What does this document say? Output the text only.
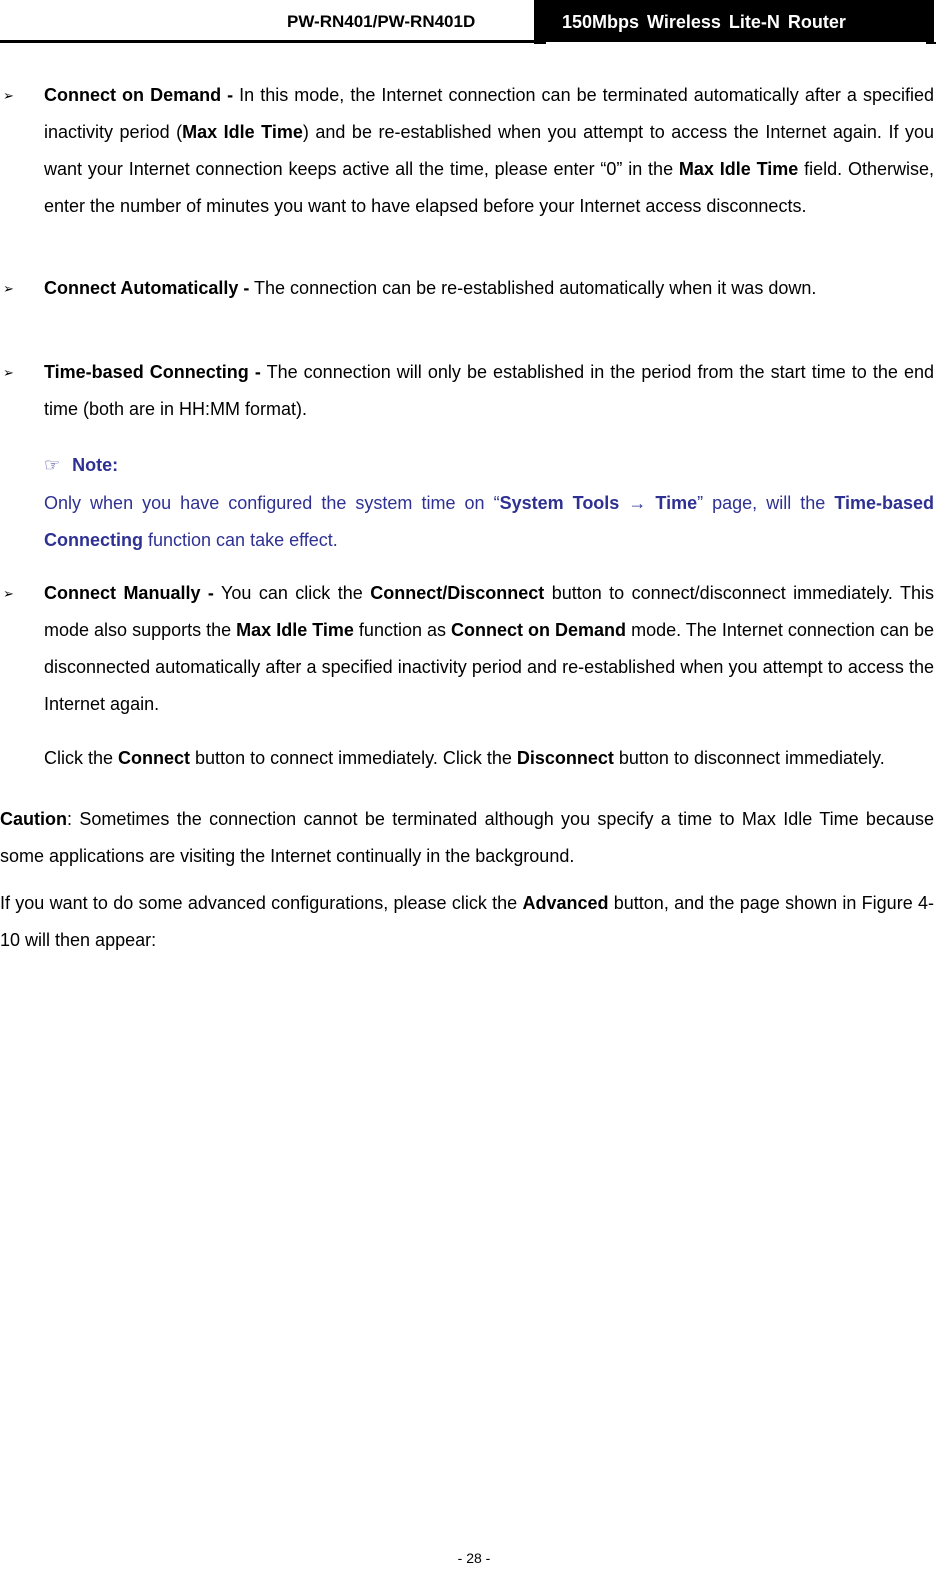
PW-RN401/PW-RN401D	150Mbps Wireless Lite-N Router
➢ Connect on Demand - In this mode, the Internet connection can be terminated automatically after a specified inactivity period (Max Idle Time) and be re-established when you attempt to access the Internet again. If you want your Internet connection keeps active all the time, please enter “0” in the Max Idle Time field. Otherwise, enter the number of minutes you want to have elapsed before your Internet access disconnects.
➢ Connect Automatically - The connection can be re-established automatically when it was down.
➢ Time-based Connecting - The connection will only be established in the period from the start time to the end time (both are in HH:MM format).
☞ Note:
Only when you have configured the system time on “System Tools → Time” page, will the Time-based Connecting function can take effect.
➢ Connect Manually - You can click the Connect/Disconnect button to connect/disconnect immediately. This mode also supports the Max Idle Time function as Connect on Demand mode. The Internet connection can be disconnected automatically after a specified inactivity period and re-established when you attempt to access the Internet again.
Click the Connect button to connect immediately. Click the Disconnect button to disconnect immediately.
Caution: Sometimes the connection cannot be terminated although you specify a time to Max Idle Time because some applications are visiting the Internet continually in the background.
If you want to do some advanced configurations, please click the Advanced button, and the page shown in Figure 4-10 will then appear:
- 28 -
